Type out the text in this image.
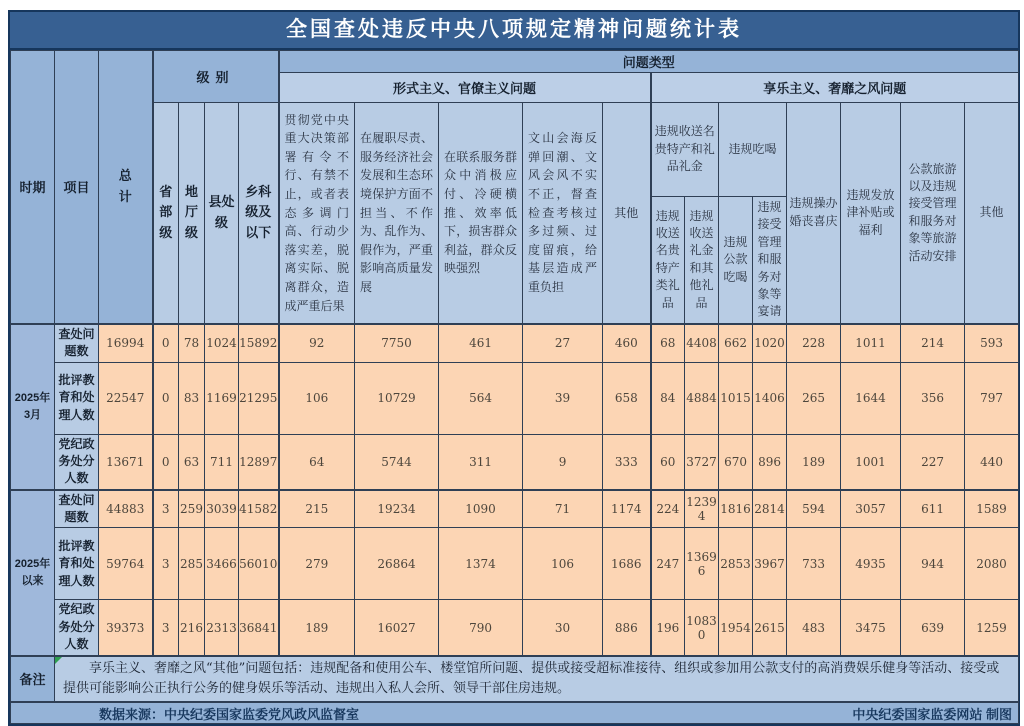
全国查处违反中央八项规定精神问题统计表
时期	项目	总计	级别				问题类型												
							形式主义、官僚主义问题					享乐主义、奢靡之风问题							
			省部级	地厅级	县处级	乡科级及以下	贯彻党中央重大决策部署有令不行、有禁不止，或者表态多调门高、行动少落实差，脱离实际、脱离群众，造成严重后果	在履职尽责、服务经济社会发展和生态环境保护方面不担当、不作为、乱作为、假作为，严重影响高质量发展	在联系服务群众中消极应付、冷硬横推、效率低下，损害群众利益，群众反映强烈	文山会海反弹回潮、文风会风不实不正，督查检查考核过多过频、过度留痕，给基层造成严重负担	其他	违规收送名贵特产和礼品礼金		违规吃喝		违规操办婚丧喜庆	违规发放津补贴或福利	公款旅游以及违规接受管理和服务对象等旅游活动安排	其他
												违规收送名贵特产类礼品	违规收送礼金和其他礼品	违规公款吃喝	违规接受管理和服务对象等宴请				
2025年3月	查处问题数	16994	0	78	1024	15892	92	7750	461	27	460	68	4408	662	1020	228	1011	214	593
	批评教育和处理人数	22547	0	83	1169	21295	106	10729	564	39	658	84	4884	1015	1406	265	1644	356	797
	党纪政务处分人数	13671	0	63	711	12897	64	5744	311	9	333	60	3727	670	896	189	1001	227	440
2025年以来	查处问题数	44883	3	259	3039	41582	215	19234	1090	71	1174	224	12394	1816	2814	594	3057	611	1589
	批评教育和处理人数	59764	3	285	3466	56010	279	26864	1374	106	1686	247	13696	2853	3967	733	4935	944	2080
	党纪政务处分人数	39373	3	216	2313	36841	189	16027	790	30	886	196	10830	1954	2615	483	3475	639	1259
备注	享乐主义、奢靡之风“其他”问题包括：违规配备和使用公车、楼堂馆所问题、提供或接受超标准接待、组织或参加用公款支付的高消费娱乐健身等活动、接受或提供可能影响公正执行公务的健身娱乐等活动、违规出入私人会所、领导干部住房违规。																		

数据来源：中央纪委国家监委党风政风监督室 中央纪委国家监委网站 制图																			
